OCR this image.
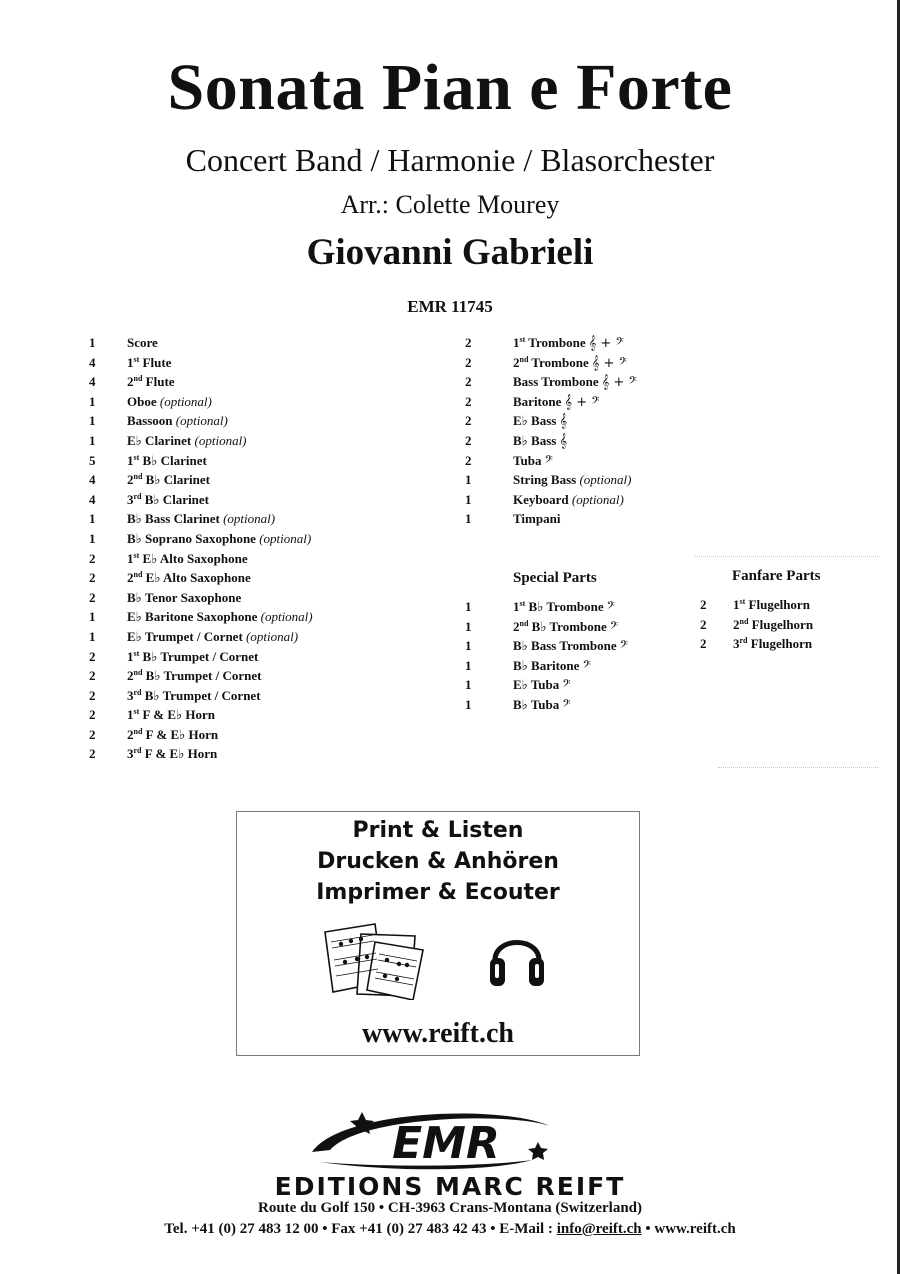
Sonata Pian e Forte
Concert Band / Harmonie / Blasorchester
Arr.: Colette Mourey
Giovanni Gabrieli
EMR 11745
1	Score
4	1st Flute
4	2nd Flute
1	Oboe (optional)
1	Bassoon (optional)
1	E♭ Clarinet (optional)
5	1st B♭ Clarinet
4	2nd B♭ Clarinet
4	3rd B♭ Clarinet
1	B♭ Bass Clarinet (optional)
1	B♭ Soprano Saxophone (optional)
2	1st E♭ Alto Saxophone
2	2nd E♭ Alto Saxophone
2	B♭ Tenor Saxophone
1	E♭ Baritone Saxophone (optional)
1	E♭ Trumpet / Cornet (optional)
2	1st B♭ Trumpet / Cornet
2	2nd B♭ Trumpet / Cornet
2	3rd B♭ Trumpet / Cornet
2	1st F & E♭ Horn
2	2nd F & E♭ Horn
2	3rd F & E♭ Horn
2	1st Trombone 𝄞 + 𝄢
2	2nd Trombone 𝄞 + 𝄢
2	Bass Trombone 𝄞 + 𝄢
2	Baritone 𝄞 + 𝄢
2	E♭ Bass 𝄞
2	B♭ Bass 𝄞
2	Tuba 𝄢
1	String Bass (optional)
1	Keyboard (optional)
1	Timpani
Special Parts
1	1st B♭ Trombone 𝄢
1	2nd B♭ Trombone 𝄢
1	B♭ Bass Trombone 𝄢
1	B♭ Baritone 𝄢
1	E♭ Tuba 𝄢
1	B♭ Tuba 𝄢
Fanfare Parts
2	1st Flugelhorn
2	2nd Flugelhorn
2	3rd Flugelhorn
Print & Listen
Drucken & Anhören
Imprimer & Ecouter
www.reift.ch
EMR
EDITIONS MARC REIFT
Route du Golf 150 • CH-3963 Crans-Montana (Switzerland)
Tel. +41 (0) 27 483 12 00 • Fax +41 (0) 27 483 42 43 • E-Mail : info@reift.ch • www.reift.ch
